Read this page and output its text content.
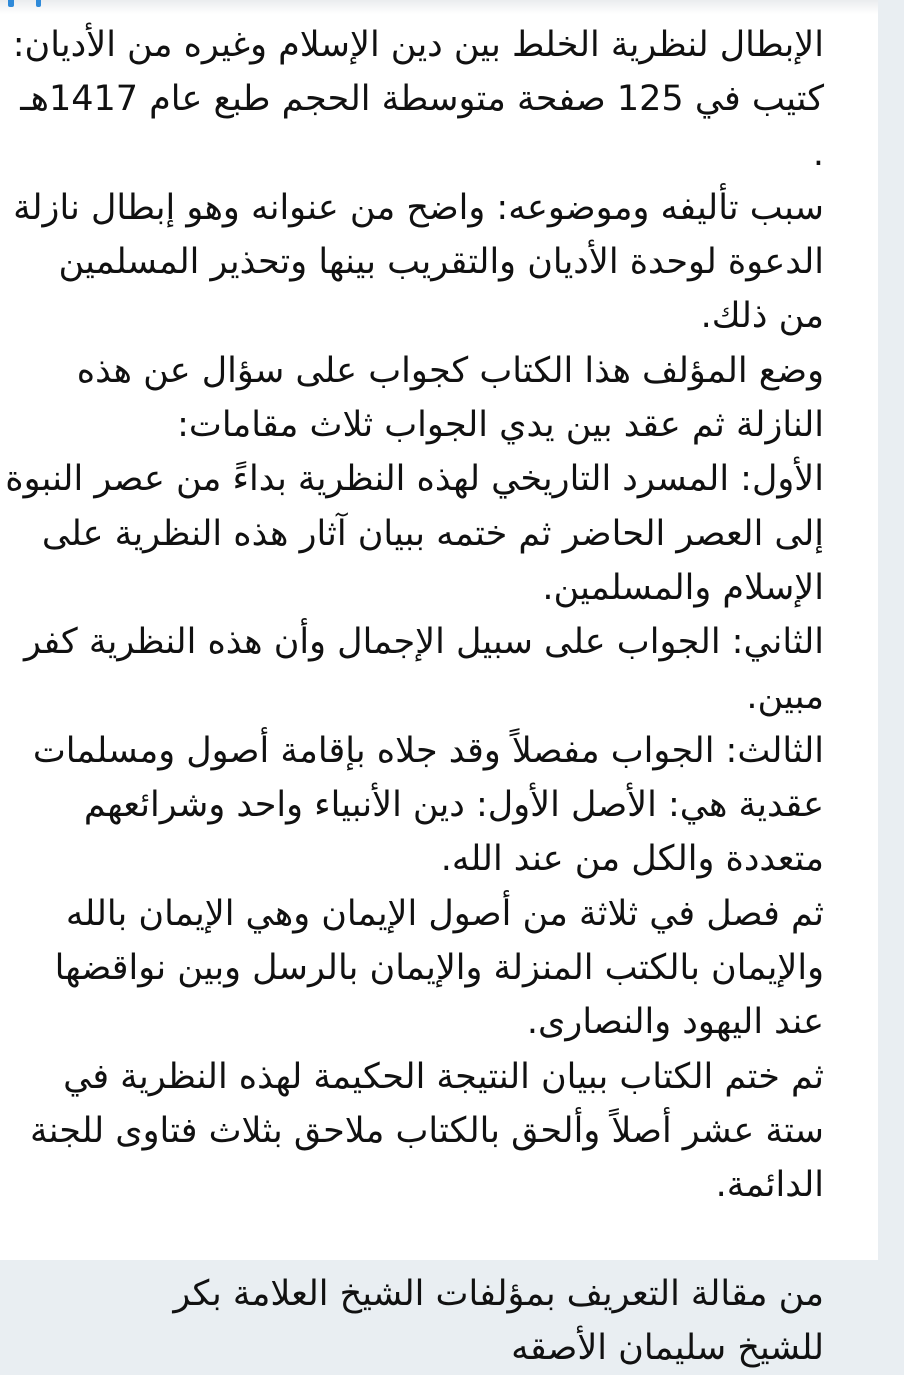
الإبطال لنظرية الخلط بين دين الإسلام وغيره من الأديان: كتيب في 125 صفحة متوسطة الحجم طبع عام 1417هـ .

سبب تأليفه وموضوعه: واضح من عنوانه وهو إبطال نازلة الدعوة لوحدة الأديان والتقريب بينها وتحذير المسلمين من ذلك.

وضع المؤلف هذا الكتاب كجواب على سؤال عن هذه النازلة ثم عقد بين يدي الجواب ثلاث مقامات:

الأول: المسرد التاريخي لهذه النظرية بداءً من عصر النبوة إلى العصر الحاضر ثم ختمه ببيان آثار هذه النظرية على الإسلام والمسلمين.

الثاني: الجواب على سبيل الإجمال وأن هذه النظرية كفر مبين.

الثالث: الجواب مفصلاً وقد جلاه بإقامة أصول ومسلمات عقدية هي: الأصل الأول: دين الأنبياء واحد وشرائعهم متعددة والكل من عند الله.

ثم فصل في ثلاثة من أصول الإيمان وهي الإيمان بالله والإيمان بالكتب المنزلة والإيمان بالرسل وبين نواقضها عند اليهود والنصارى.

ثم ختم الكتاب ببيان النتيجة الحكيمة لهذه النظرية في ستة عشر أصلاً وألحق بالكتاب ملاحق بثلاث فتاوى للجنة الدائمة.

من مقالة التعريف بمؤلفات الشيخ العلامة بكر

للشيخ سليمان الأصقه
